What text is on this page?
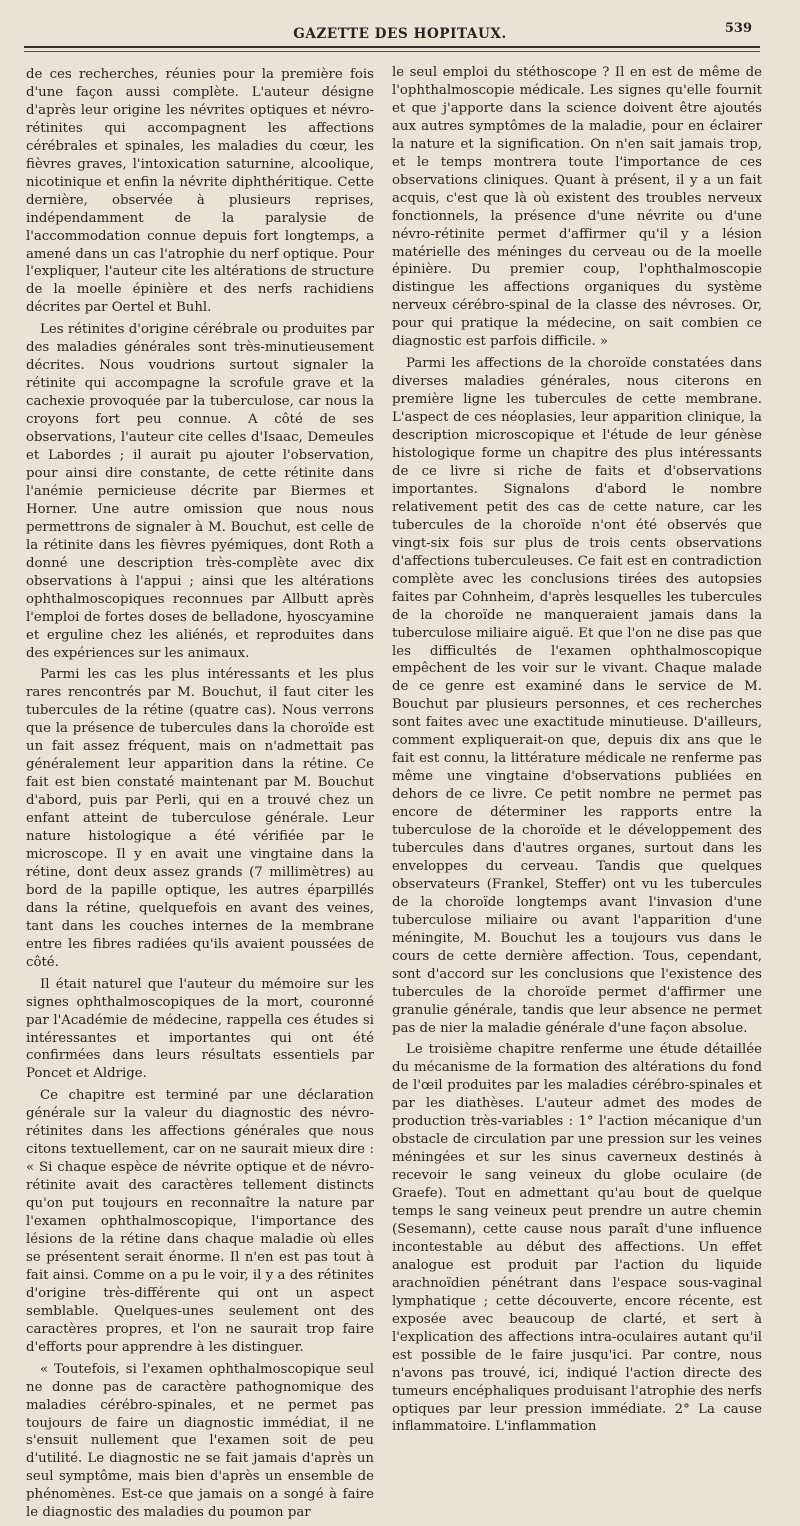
GAZETTE DES HOPITAUX.	539

de ces recherches, réunies pour la première fois d'une façon aussi complète. L'auteur désigne d'après leur origine les névrites optiques et névro-rétinites qui accompagnent les affections cérébrales et spinales, les maladies du cœur, les fièvres graves, l'intoxication saturnine, alcoolique, nicotinique et enfin la névrite diphthéritique. Cette dernière, observée à plusieurs reprises, indépendamment de la paralysie de l'accommodation connue depuis fort longtemps, a amené dans un cas l'atrophie du nerf optique. Pour l'expliquer, l'auteur cite les altérations de structure de la moelle épinière et des nerfs rachidiens décrites par Oertel et Buhl.

Les rétinites d'origine cérébrale ou produites par des maladies générales sont très-minutieusement décrites. Nous voudrions surtout signaler la rétinite qui accompagne la scrofule grave et la cachexie provoquée par la tuberculose, car nous la croyons fort peu connue. A côté de ses observations, l'auteur cite celles d'Isaac, Demeules et Labordes ; il aurait pu ajouter l'observation, pour ainsi dire constante, de cette rétinite dans l'anémie pernicieuse décrite par Biermes et Horner. Une autre omission que nous nous permettrons de signaler à M. Bouchut, est celle de la rétinite dans les fièvres pyémiques, dont Roth a donné une description très-complète avec dix observations à l'appui ; ainsi que les altérations ophthalmoscopiques reconnues par Allbutt après l'emploi de fortes doses de belladone, hyoscyamine et erguline chez les aliénés, et reproduites dans des expériences sur les animaux.

Parmi les cas les plus intéressants et les plus rares rencontrés par M. Bouchut, il faut citer les tubercules de la rétine (quatre cas). Nous verrons que la présence de tubercules dans la choroïde est un fait assez fréquent, mais on n'admettait pas généralement leur apparition dans la rétine. Ce fait est bien constaté maintenant par M. Bouchut d'abord, puis par Perli, qui en a trouvé chez un enfant atteint de tuberculose générale. Leur nature histologique a été vérifiée par le microscope. Il y en avait une vingtaine dans la rétine, dont deux assez grands (7 millimètres) au bord de la papille optique, les autres éparpillés dans la rétine, quelquefois en avant des veines, tant dans les couches internes de la membrane entre les fibres radiées qu'ils avaient poussées de côté.

Il était naturel que l'auteur du mémoire sur les signes ophthalmoscopiques de la mort, couronné par l'Académie de médecine, rappella ces études si intéressantes et importantes qui ont été confirmées dans leurs résultats essentiels par Poncet et Aldrige.

Ce chapitre est terminé par une déclaration générale sur la valeur du diagnostic des névro-rétinites dans les affections générales que nous citons textuellement, car on ne saurait mieux dire : « Si chaque espèce de névrite optique et de névro-rétinite avait des caractères tellement distincts qu'on put toujours en reconnaître la nature par l'examen ophthalmoscopique, l'importance des lésions de la rétine dans chaque maladie où elles se présentent serait énorme. Il n'en est pas tout à fait ainsi. Comme on a pu le voir, il y a des rétinites d'origine très-différente qui ont un aspect semblable. Quelques-unes seulement ont des caractères propres, et l'on ne saurait trop faire d'efforts pour apprendre à les distinguer.

« Toutefois, si l'examen ophthalmoscopique seul ne donne pas de caractère pathognomique des maladies cérébro-spinales, et ne permet pas toujours de faire un diagnostic immédiat, il ne s'ensuit nullement que l'examen soit de peu d'utilité. Le diagnostic ne se fait jamais d'après un seul symptôme, mais bien d'après un ensemble de phénomènes. Est-ce que jamais on a songé à faire le diagnostic des maladies du poumon par

le seul emploi du stéthoscope ? Il en est de même de l'ophthalmoscopie médicale. Les signes qu'elle fournit et que j'apporte dans la science doivent être ajoutés aux autres symptômes de la maladie, pour en éclairer la nature et la signification. On n'en sait jamais trop, et le temps montrera toute l'importance de ces observations cliniques. Quant à présent, il y a un fait acquis, c'est que là où existent des troubles nerveux fonctionnels, la présence d'une névrite ou d'une névro-rétinite permet d'affirmer qu'il y a lésion matérielle des méninges du cerveau ou de la moelle épinière. Du premier coup, l'ophthalmoscopie distingue les affections organiques du système nerveux cérébro-spinal de la classe des névroses. Or, pour qui pratique la médecine, on sait combien ce diagnostic est parfois difficile. »

Parmi les affections de la choroïde constatées dans diverses maladies générales, nous citerons en première ligne les tubercules de cette membrane. L'aspect de ces néoplasies, leur apparition clinique, la description microscopique et l'étude de leur génèse histologique forme un chapitre des plus intéressants de ce livre si riche de faits et d'observations importantes. Signalons d'abord le nombre relativement petit des cas de cette nature, car les tubercules de la choroïde n'ont été observés que vingt-six fois sur plus de trois cents observations d'affections tuberculeuses. Ce fait est en contradiction complète avec les conclusions tirées des autopsies faites par Cohnheim, d'après lesquelles les tubercules de la choroïde ne manqueraient jamais dans la tuberculose miliaire aiguë. Et que l'on ne dise pas que les difficultés de l'examen ophthalmoscopique empêchent de les voir sur le vivant. Chaque malade de ce genre est examiné dans le service de M. Bouchut par plusieurs personnes, et ces recherches sont faites avec une exactitude minutieuse. D'ailleurs, comment expliquerait-on que, depuis dix ans que le fait est connu, la littérature médicale ne renferme pas même une vingtaine d'observations publiées en dehors de ce livre. Ce petit nombre ne permet pas encore de déterminer les rapports entre la tuberculose de la choroïde et le développement des tubercules dans d'autres organes, surtout dans les enveloppes du cerveau. Tandis que quelques observateurs (Frankel, Steffer) ont vu les tubercules de la choroïde longtemps avant l'invasion d'une tuberculose miliaire ou avant l'apparition d'une méningite, M. Bouchut les a toujours vus dans le cours de cette dernière affection. Tous, cependant, sont d'accord sur les conclusions que l'existence des tubercules de la choroïde permet d'affirmer une granulie générale, tandis que leur absence ne permet pas de nier la maladie générale d'une façon absolue.

Le troisième chapitre renferme une étude détaillée du mécanisme de la formation des altérations du fond de l'œil produites par les maladies cérébro-spinales et par les diathèses. L'auteur admet des modes de production très-variables : 1° l'action mécanique d'un obstacle de circulation par une pression sur les veines méningées et sur les sinus caverneux destinés à recevoir le sang veineux du globe oculaire (de Graefe). Tout en admettant qu'au bout de quelque temps le sang veineux peut prendre un autre chemin (Sesemann), cette cause nous paraît d'une influence incontestable au début des affections. Un effet analogue est produit par l'action du liquide arachnoïdien pénétrant dans l'espace sous-vaginal lymphatique ; cette découverte, encore récente, est exposée avec beaucoup de clarté, et sert à l'explication des affections intra-oculaires autant qu'il est possible de le faire jusqu'ici. Par contre, nous n'avons pas trouvé, ici, indiqué l'action directe des tumeurs encéphaliques produisant l'atrophie des nerfs optiques par leur pression immédiate. 2° La cause inflammatoire. L'inflammation
